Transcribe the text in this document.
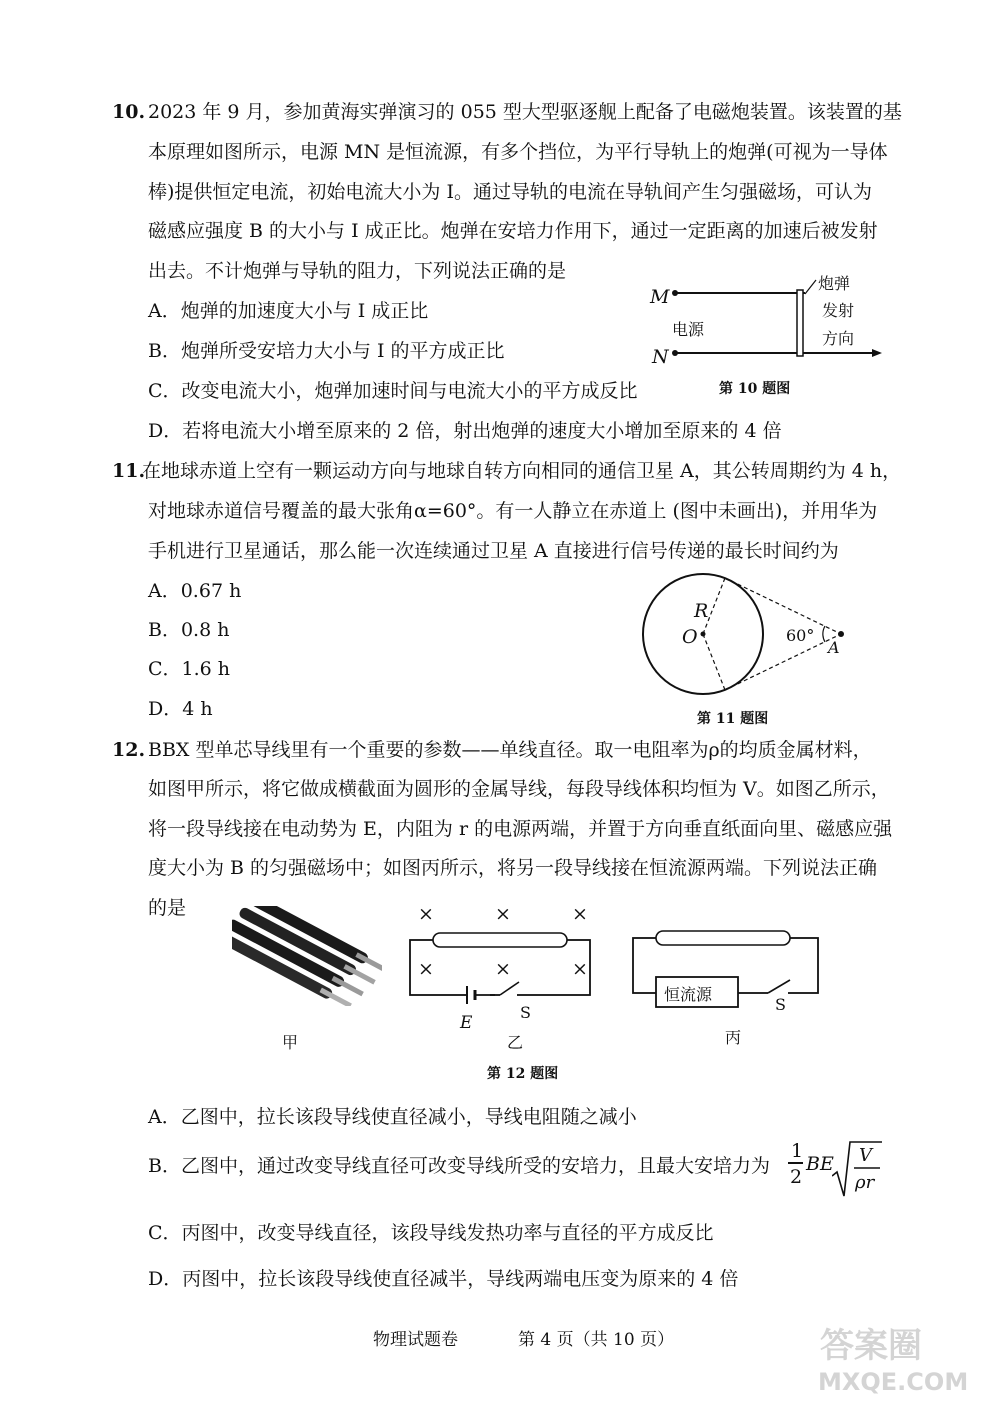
10. 2023 年 9 月，参加黄海实弹演习的 055 型大型驱逐舰上配备了电磁炮装置。该装置的基
本原理如图所示，电源 MN 是恒流源，有多个挡位，为平行导轨上的炮弹(可视为一导体
棒)提供恒定电流，初始电流大小为 I。通过导轨的电流在导轨间产生匀强磁场，可认为
磁感应强度 B 的大小与 I 成正比。炮弹在安培力作用下，通过一定距离的加速后被发射
出去。不计炮弹与导轨的阻力，下列说法正确的是
A．炮弹的加速度大小与 I 成正比
B．炮弹所受安培力大小与 I 的平方成正比
C．改变电流大小，炮弹加速时间与电流大小的平方成反比
D．若将电流大小增至原来的 2 倍，射出炮弹的速度大小增加至原来的 4 倍
M
N
电源
炮弹
发射
方向
第 10 题图
11.
在地球赤道上空有一颗运动方向与地球自转方向相同的通信卫星 A，其公转周期约为 4 h，
对地球赤道信号覆盖的最大张角α=60°。有一人静立在赤道上 (图中未画出)，并用华为
手机进行卫星通话，那么能一次连续通过卫星 A 直接进行信号传递的最长时间约为
A．0.67 h
B．0.8 h
C．1.6 h
D．4 h
R
O	60°
A
第 11 题图
12. BBX 型单芯导线里有一个重要的参数——单线直径。取一电阻率为ρ的均质金属材料，
如图甲所示，将它做成横截面为圆形的金属导线，每段导线体积均恒为 V。如图乙所示，
将一段导线接在电动势为 E，内阻为 r 的电源两端，并置于方向垂直纸面向里、磁感应强
度大小为 B 的匀强磁场中；如图丙所示，将另一段导线接在恒流源两端。下列说法正确
的是
甲
×	×	×
×	×	×
E
S
乙
恒流源
S
丙
第 12 题图
A．乙图中，拉长该段导线使直径减小，导线电阻随之减小
B．乙图中，通过改变导线直径可改变导线所受的安培力，且最大安培力为
1
2
BE V
ρr
C．丙图中，改变导线直径，该段导线发热功率与直径的平方成反比
D．丙图中，拉长该段导线使直径减半，导线两端电压变为原来的 4 倍
物理试题卷	第 4 页（共 10 页）	答案圈
MXQE.COM
